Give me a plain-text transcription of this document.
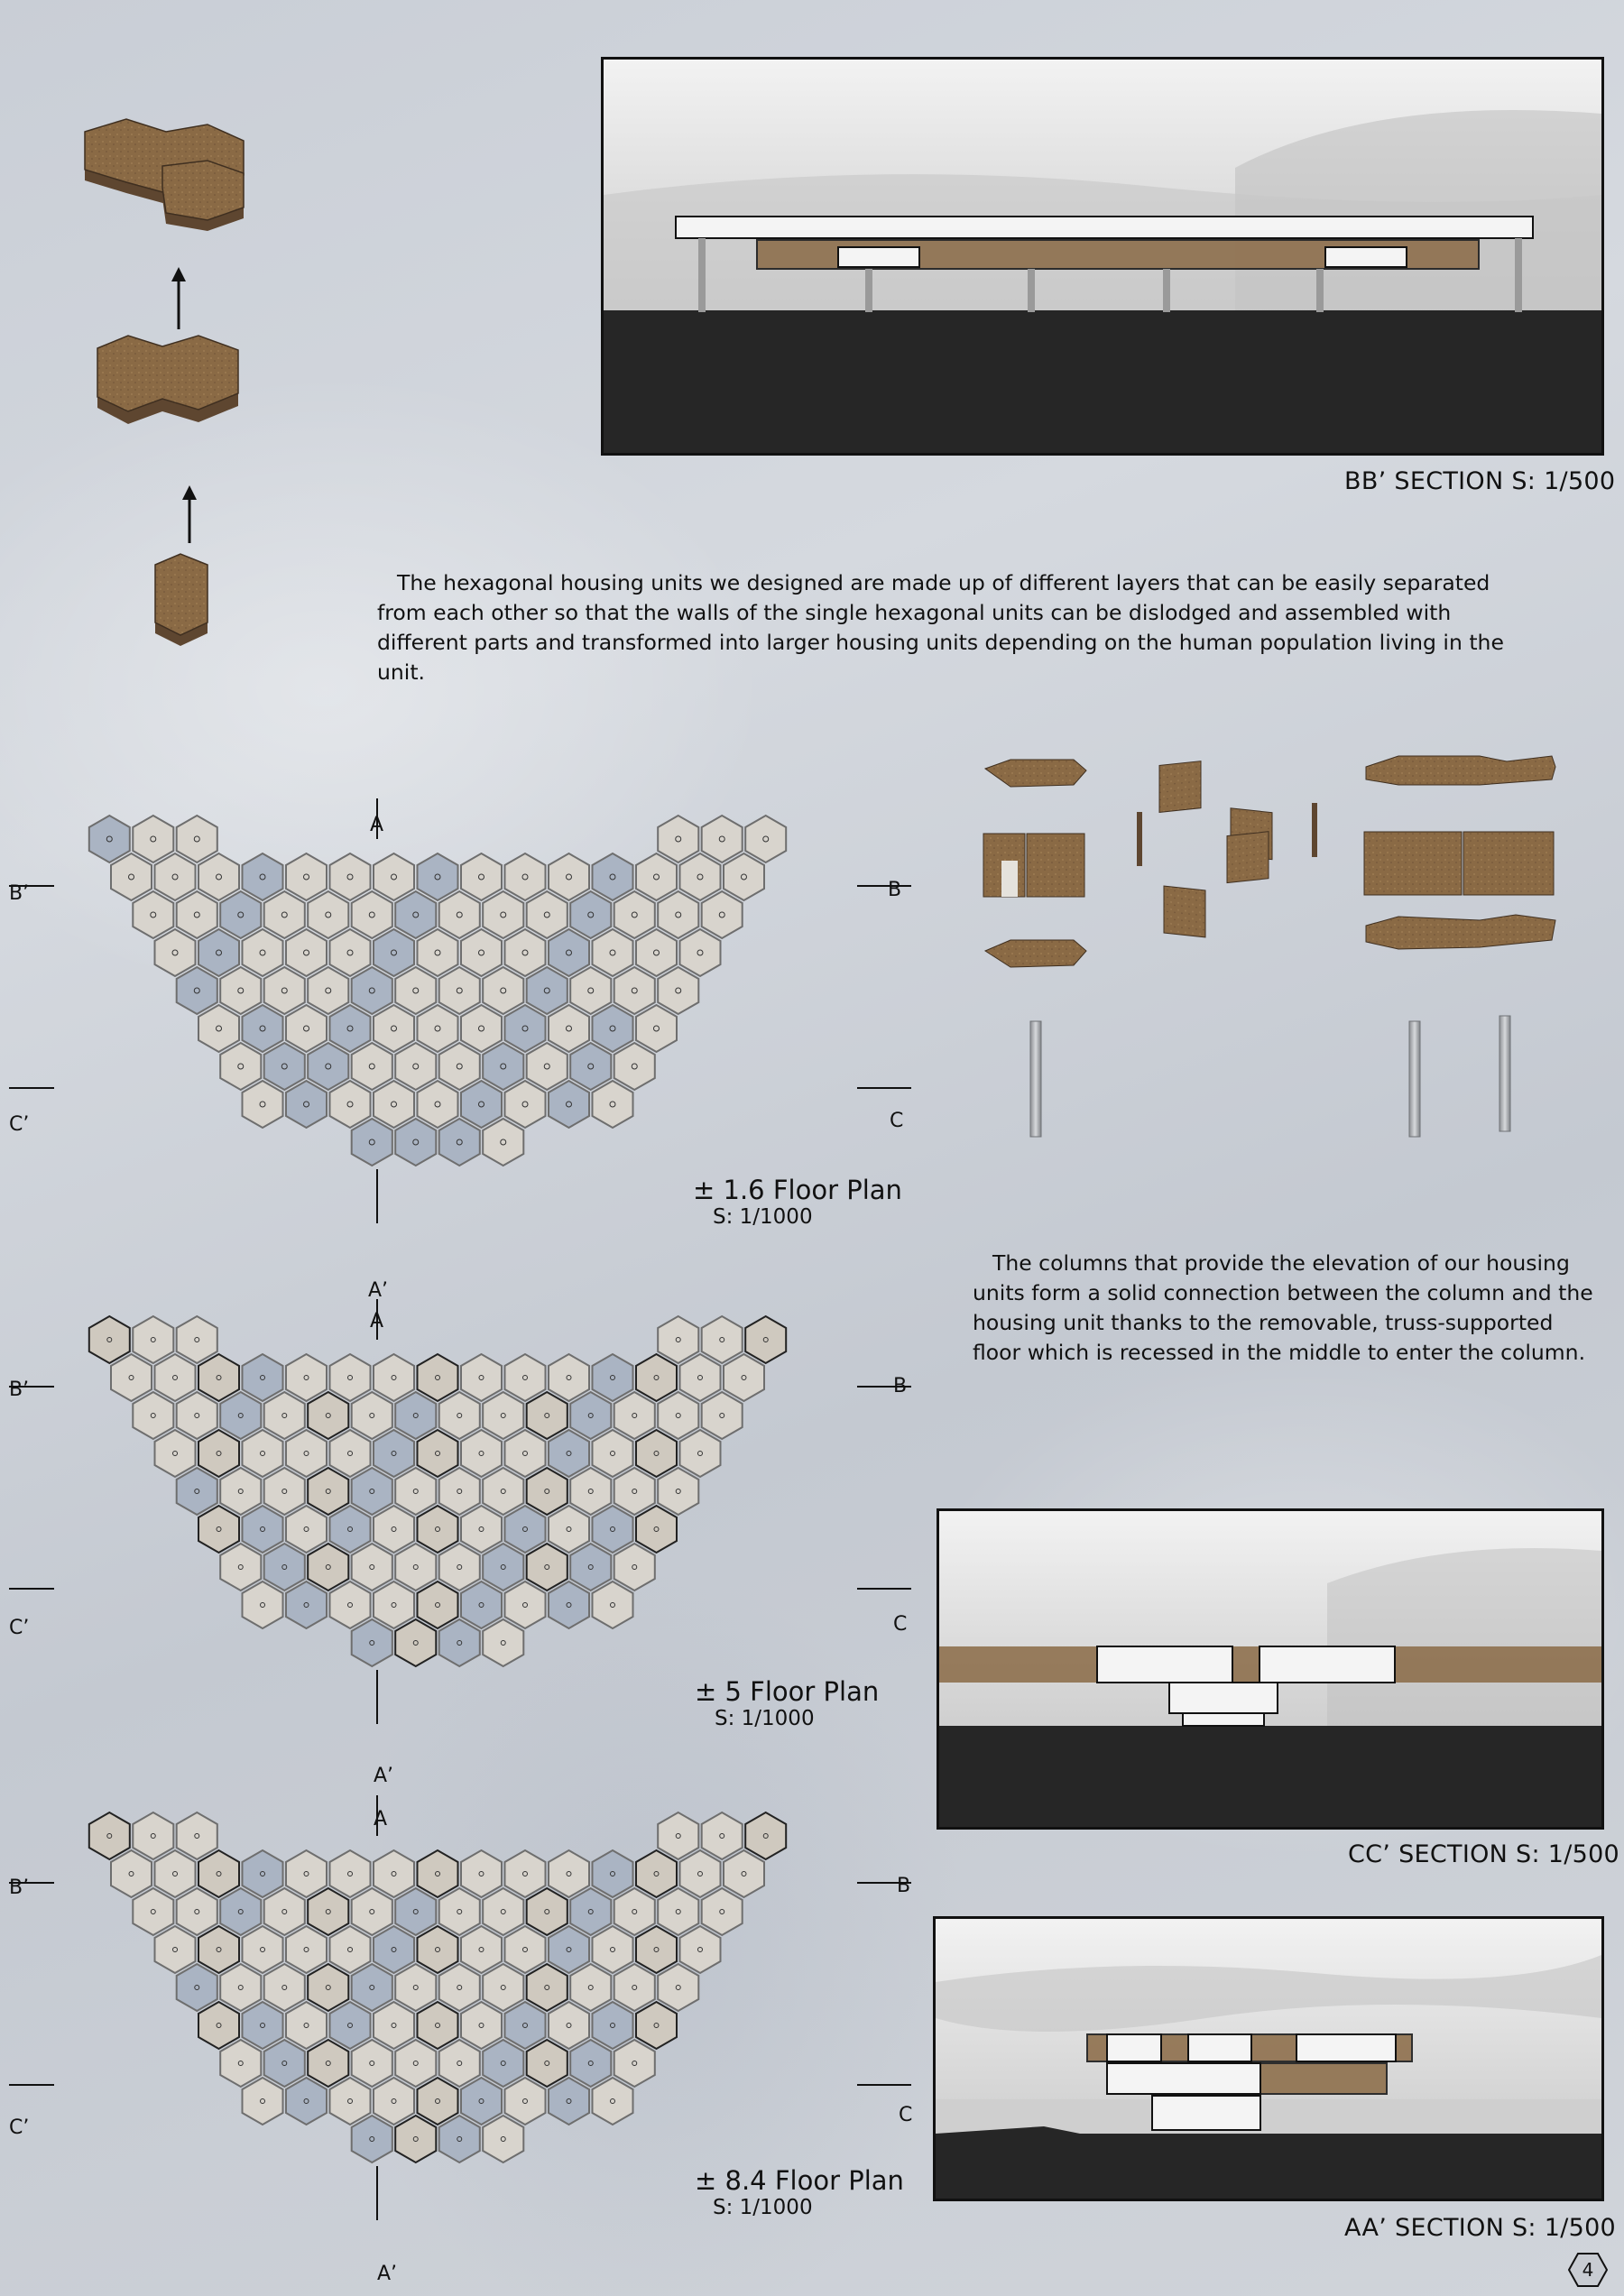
BB’ SECTION S: 1/500
The hexagonal housing units we designed are made up of different layers that can be easily separated from each other so that the walls of the single hexagonal units can be dislodged and assembled with different parts and transformed into larger housing units depending on the human population living in the unit.
The columns that provide the elevation of our housing units form a solid connection between the column and the housing unit thanks to the removable, truss-supported floor which is recessed in the middle to enter the column.
CC’ SECTION S: 1/500
AA’ SECTION S: 1/500
± 1.6 Floor Plan
S: 1/1000
± 5 Floor Plan
S: 1/1000
± 8.4 Floor Plan
S: 1/1000
A
A’
B’	B
C’	C
A
A’
B’	B
C’	C
A
A’
B’	B
C’
C
4
